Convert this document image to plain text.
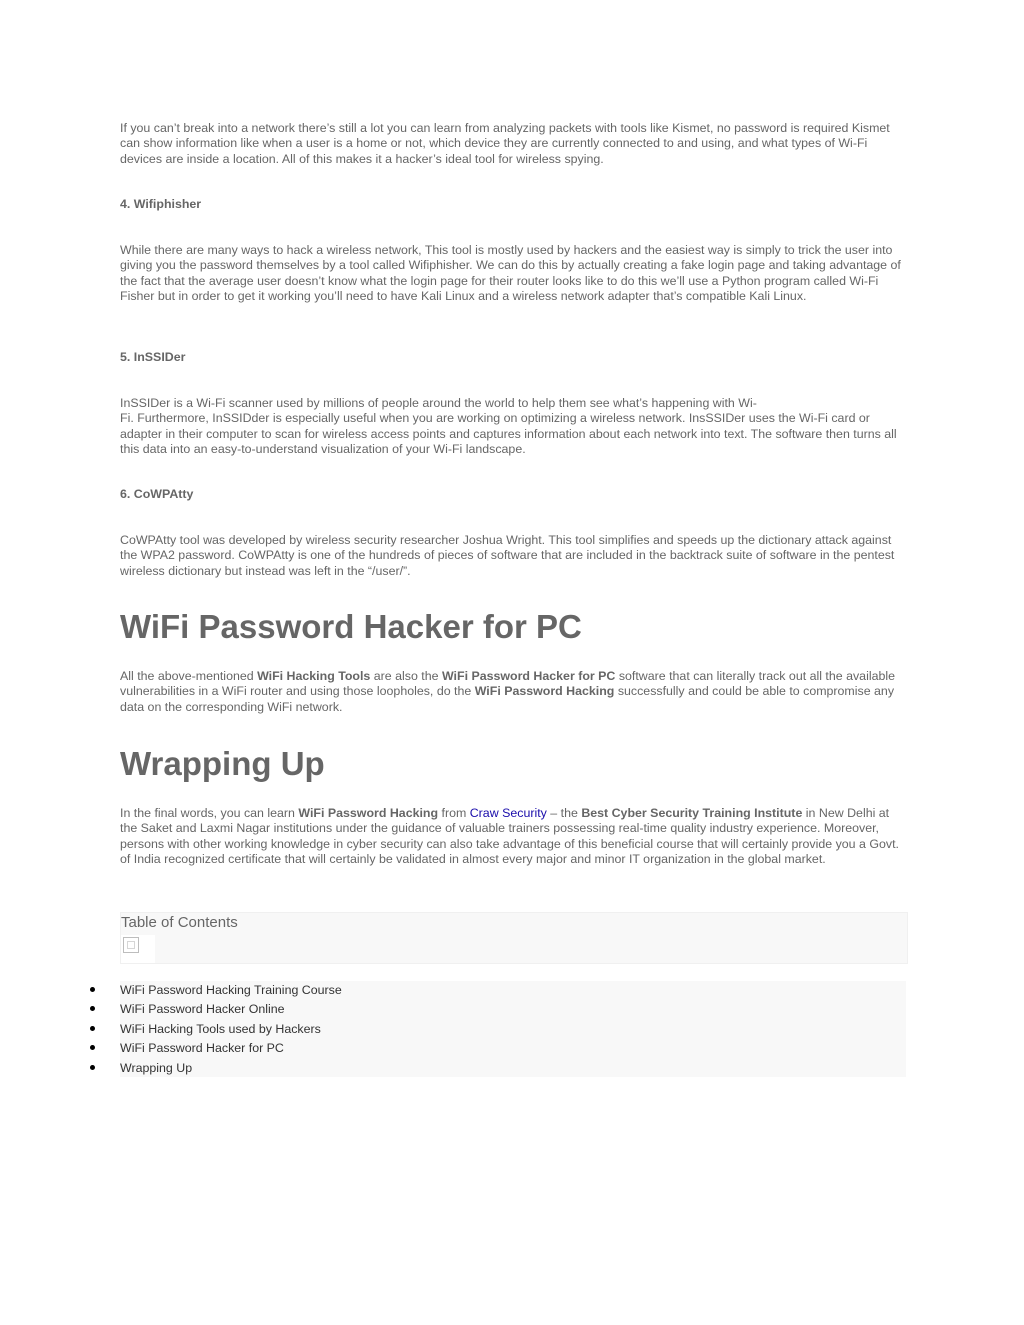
If you can’t break into a network there’s still a lot you can learn from analyzing packets with tools like Kismet, no password is required Kismet can show information like when a user is a home or not, which device they are currently connected to and using, and what types of Wi-Fi devices are inside a location. All of this makes it a hacker’s ideal tool for wireless spying.

4. Wifiphisher

While there are many ways to hack a wireless network, This tool is mostly used by hackers and the easiest way is simply to trick the user into giving you the password themselves by a tool called Wifiphisher. We can do this by actually creating a fake login page and taking advantage of the fact that the average user doesn’t know what the login page for their router looks like to do this we’ll use a Python program called Wi-Fi Fisher but in order to get it working you’ll need to have Kali Linux and a wireless network adapter that’s compatible Kali Linux.

5. InSSIDer

InSSIDer is a Wi-Fi scanner used by millions of people around the world to help them see what’s happening with Wi-
Fi. Furthermore, InSSIDder is especially useful when you are working on optimizing a wireless network. InsSSIDer uses the Wi-Fi card or adapter in their computer to scan for wireless access points and captures information about each network into text. The software then turns all this data into an easy-to-understand visualization of your Wi-Fi landscape.

6. CoWPAtty

CoWPAtty tool was developed by wireless security researcher Joshua Wright. This tool simplifies and speeds up the dictionary attack against the WPA2 password. CoWPAtty is one of the hundreds of pieces of software that are included in the backtrack suite of software in the pentest wireless dictionary but instead was left in the “/user/”.

WiFi Password Hacker for PC

All the above-mentioned WiFi Hacking Tools are also the WiFi Password Hacker for PC software that can literally track out all the available vulnerabilities in a WiFi router and using those loopholes, do the WiFi Password Hacking successfully and could be able to compromise any data on the corresponding WiFi network.

Wrapping Up

In the final words, you can learn WiFi Password Hacking from Craw Security – the Best Cyber Security Training Institute in New Delhi at the Saket and Laxmi Nagar institutions under the guidance of valuable trainers possessing real-time quality industry experience. Moreover, persons with other working knowledge in cyber security can also take advantage of this beneficial course that will certainly provide you a Govt. of India recognized certificate that will certainly be validated in almost every major and minor IT organization in the global market.

Table of Contents
WiFi Password Hacking Training Course
WiFi Password Hacker Online
WiFi Hacking Tools used by Hackers
WiFi Password Hacker for PC
Wrapping Up
